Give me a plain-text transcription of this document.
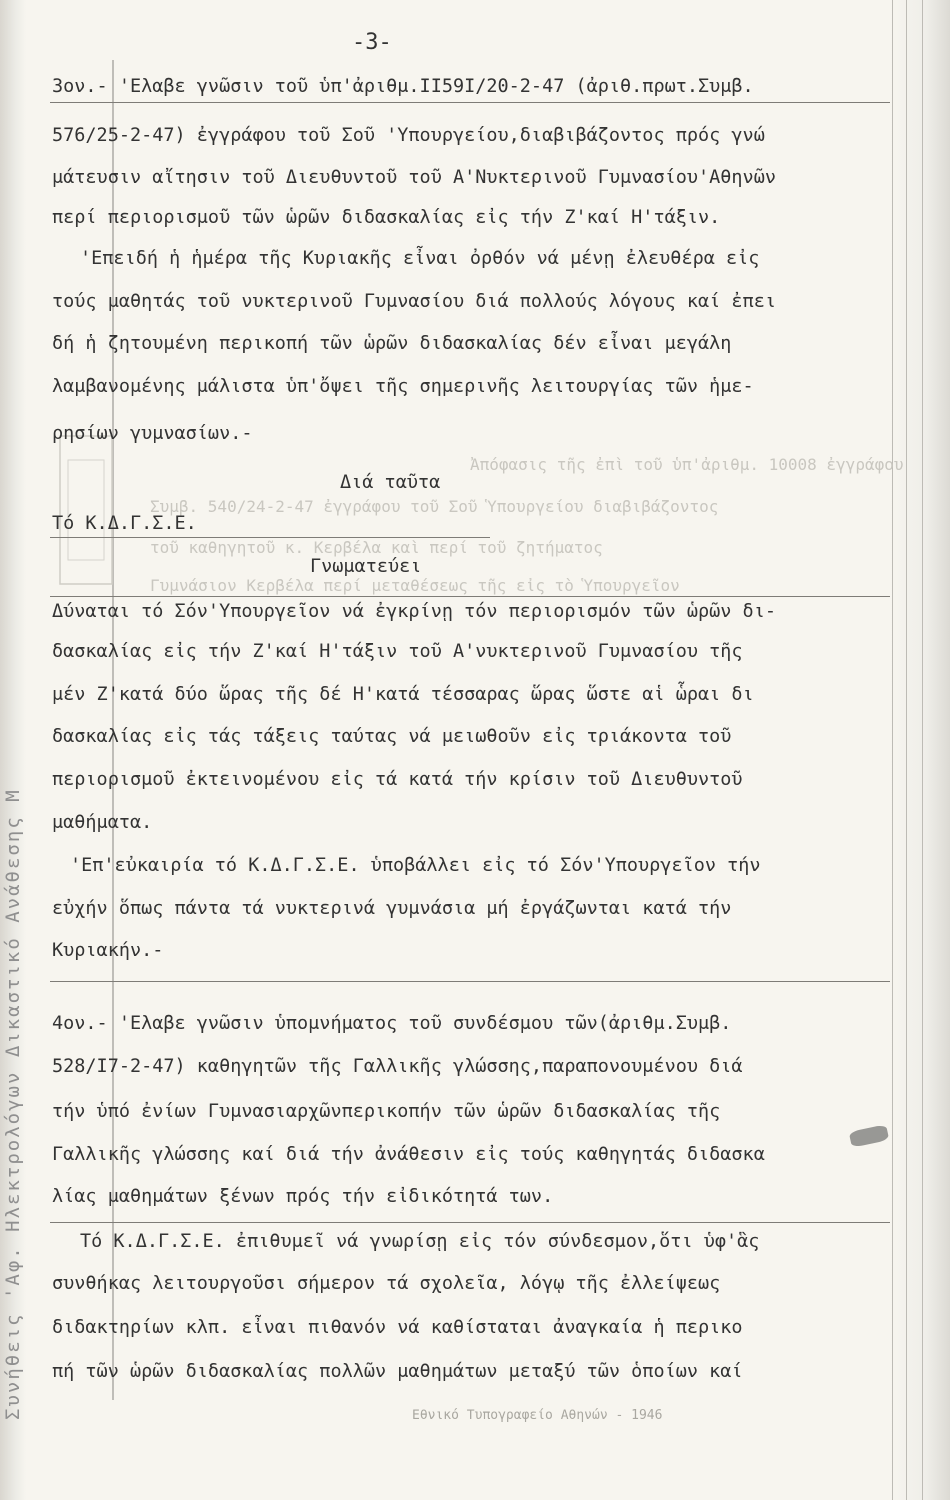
Συνήθεις 'Αφ. Ηλεκτρολόγων Δικαστικό Ανάθεσης Μ
-3-
Ἀπόφασις τῆς ἐπὶ τοῦ ὑπ'ἀριθμ. 10008 ἐγγράφου
Συμβ. 540/24-2-47 ἐγγράφου τοῦ Σοῦ Ὑπουργείου διαβιβάζοντος
τοῦ καθηγητοῦ κ. Κερβέλα καὶ περί τοῦ ζητήματος
Γυμνάσιον Κερβέλα περί μεταθέσεως τῆς εἰς τὸ Ὑπουργεῖον
3ον.- 'Ελαβε γνῶσιν τοῦ ὑπ'ἀριθμ.II59I/20-2-47 (ἀριθ.πρωτ.Συμβ.
576/25-2-47) ἐγγράφου τοῦ Σοῦ 'Υπουργείου,διαβιβάζοντος πρός γνώ
μάτευσιν αἴτησιν τοῦ Διευθυντοῦ τοῦ Α'Νυκτερινοῦ Γυμνασίου'Αθηνῶν
περί περιορισμοῦ τῶν ὡρῶν διδασκαλίας εἰς τήν Ζ'καί Η'τάξιν.
'Επειδή ἡ ἡμέρα τῆς Κυριακῆς εἶναι ὀρθόν νά μένῃ ἐλευθέρα εἰς
τούς μαθητάς τοῦ νυκτερινοῦ Γυμνασίου διά πολλούς λόγους καί ἐπει
δή ἡ ζητουμένη περικοπή τῶν ὡρῶν διδασκαλίας δέν εἶναι μεγάλη
λαμβανομένης μάλιστα ὑπ'ὄψει τῆς σημερινῆς λειτουργίας τῶν ἡμε-
ρησίων γυμνασίων.-
Διά ταῦτα
Τό Κ.Δ.Γ.Σ.Ε.
Γνωματεύει
Δύναται τό Σόν'Υπουργεῖον νά ἐγκρίνῃ τόν περιορισμόν τῶν ὡρῶν δι-
δασκαλίας εἰς τήν Ζ'καί Η'τάξιν τοῦ Α'νυκτερινοῦ Γυμνασίου τῆς
μέν Ζ'κατά δύο ὥρας τῆς δέ Η'κατά τέσσαρας ὥρας ὥστε αἱ ὧραι δι
δασκαλίας εἰς τάς τάξεις ταύτας νά μειωθοῦν εἰς τριάκοντα τοῦ
περιορισμοῦ ἐκτεινομένου εἰς τά κατά τήν κρίσιν τοῦ Διευθυντοῦ
μαθήματα.
'Επ'εὐκαιρία τό Κ.Δ.Γ.Σ.Ε. ὑποβάλλει εἰς τό Σόν'Υπουργεῖον τήν
εὐχήν ὅπως πάντα τά νυκτερινά γυμνάσια μή ἐργάζωνται κατά τήν
Κυριακήν.-
4ον.- 'Ελαβε γνῶσιν ὑπομνήματος τοῦ συνδέσμου τῶν(ἀριθμ.Συμβ.
528/I7-2-47) καθηγητῶν τῆς Γαλλικῆς γλώσσης,παραπονουμένου διά
τήν ὑπό ἐνίων Γυμνασιαρχῶνπερικοπήν τῶν ὡρῶν διδασκαλίας τῆς
Γαλλικῆς γλώσσης καί διά τήν ἀνάθεσιν εἰς τούς καθηγητάς διδασκα
λίας μαθημάτων ξένων πρός τήν εἰδικότητά των.
Τό Κ.Δ.Γ.Σ.Ε. ἐπιθυμεῖ νά γνωρίσῃ εἰς τόν σύνδεσμον,ὅτι ὑφ'ἃς
συνθήκας λειτουργοῦσι σήμερον τά σχολεῖα, λόγῳ τῆς ἐλλείψεως
διδακτηρίων κλπ. εἶναι πιθανόν νά καθίσταται ἀναγκαία ἡ περικο
πή τῶν ὡρῶν διδασκαλίας πολλῶν μαθημάτων μεταξύ τῶν ὁποίων καί
Εθνικό Τυπογραφείο Αθηνών - 1946
